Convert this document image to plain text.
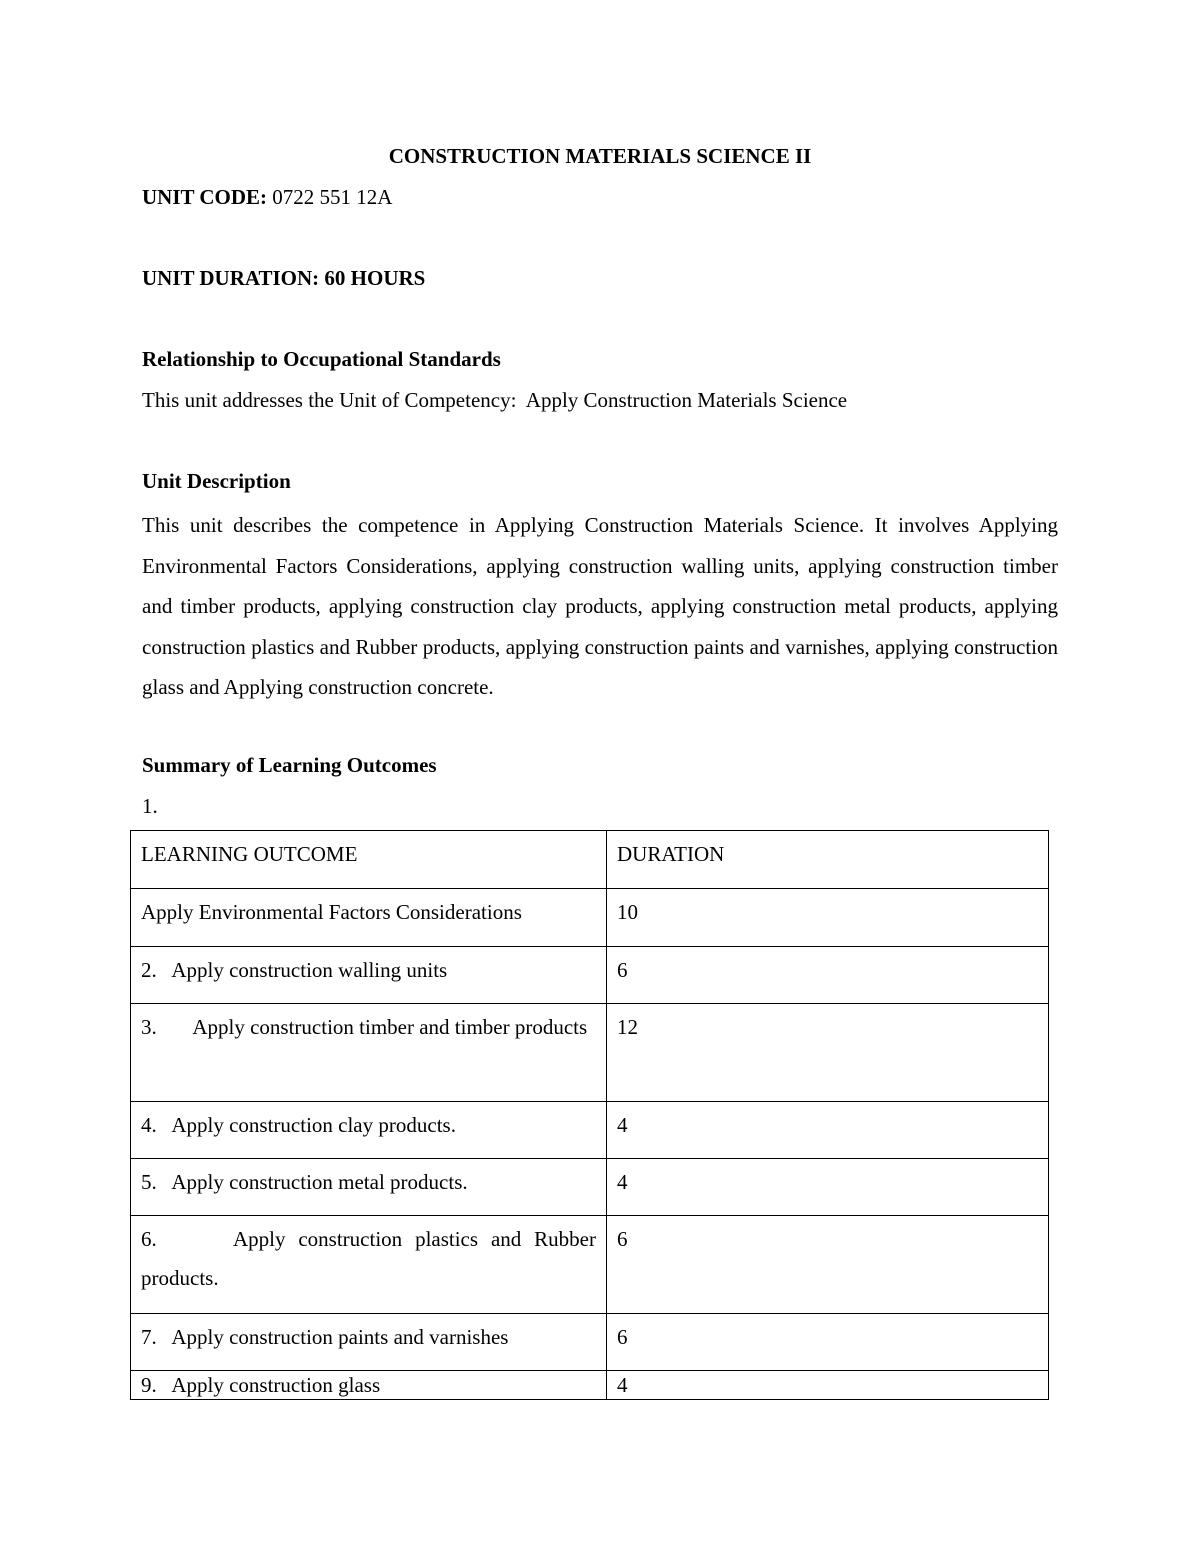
CONSTRUCTION MATERIALS SCIENCE II
UNIT CODE: 0722 551 12A
UNIT DURATION: 60 HOURS
Relationship to Occupational Standards
This unit addresses the Unit of Competency:  Apply Construction Materials Science
Unit Description
This unit describes the competence in Applying Construction Materials Science. It involves Applying Environmental Factors Considerations, applying construction walling units, applying construction timber and timber products, applying construction clay products, applying construction metal products, applying construction plastics and Rubber products, applying construction paints and varnishes, applying construction glass and Applying construction concrete.
Summary of Learning Outcomes
1.
LEARNING OUTCOME	DURATION
Apply Environmental Factors Considerations	10
2.   Apply construction walling units	6
3.       Apply construction timber and timber products	12
4.   Apply construction clay products.	4
5.   Apply construction metal products.	4
6.      Apply construction plastics and Rubber products.	6
7.   Apply construction paints and varnishes	6
9.   Apply construction glass	4
